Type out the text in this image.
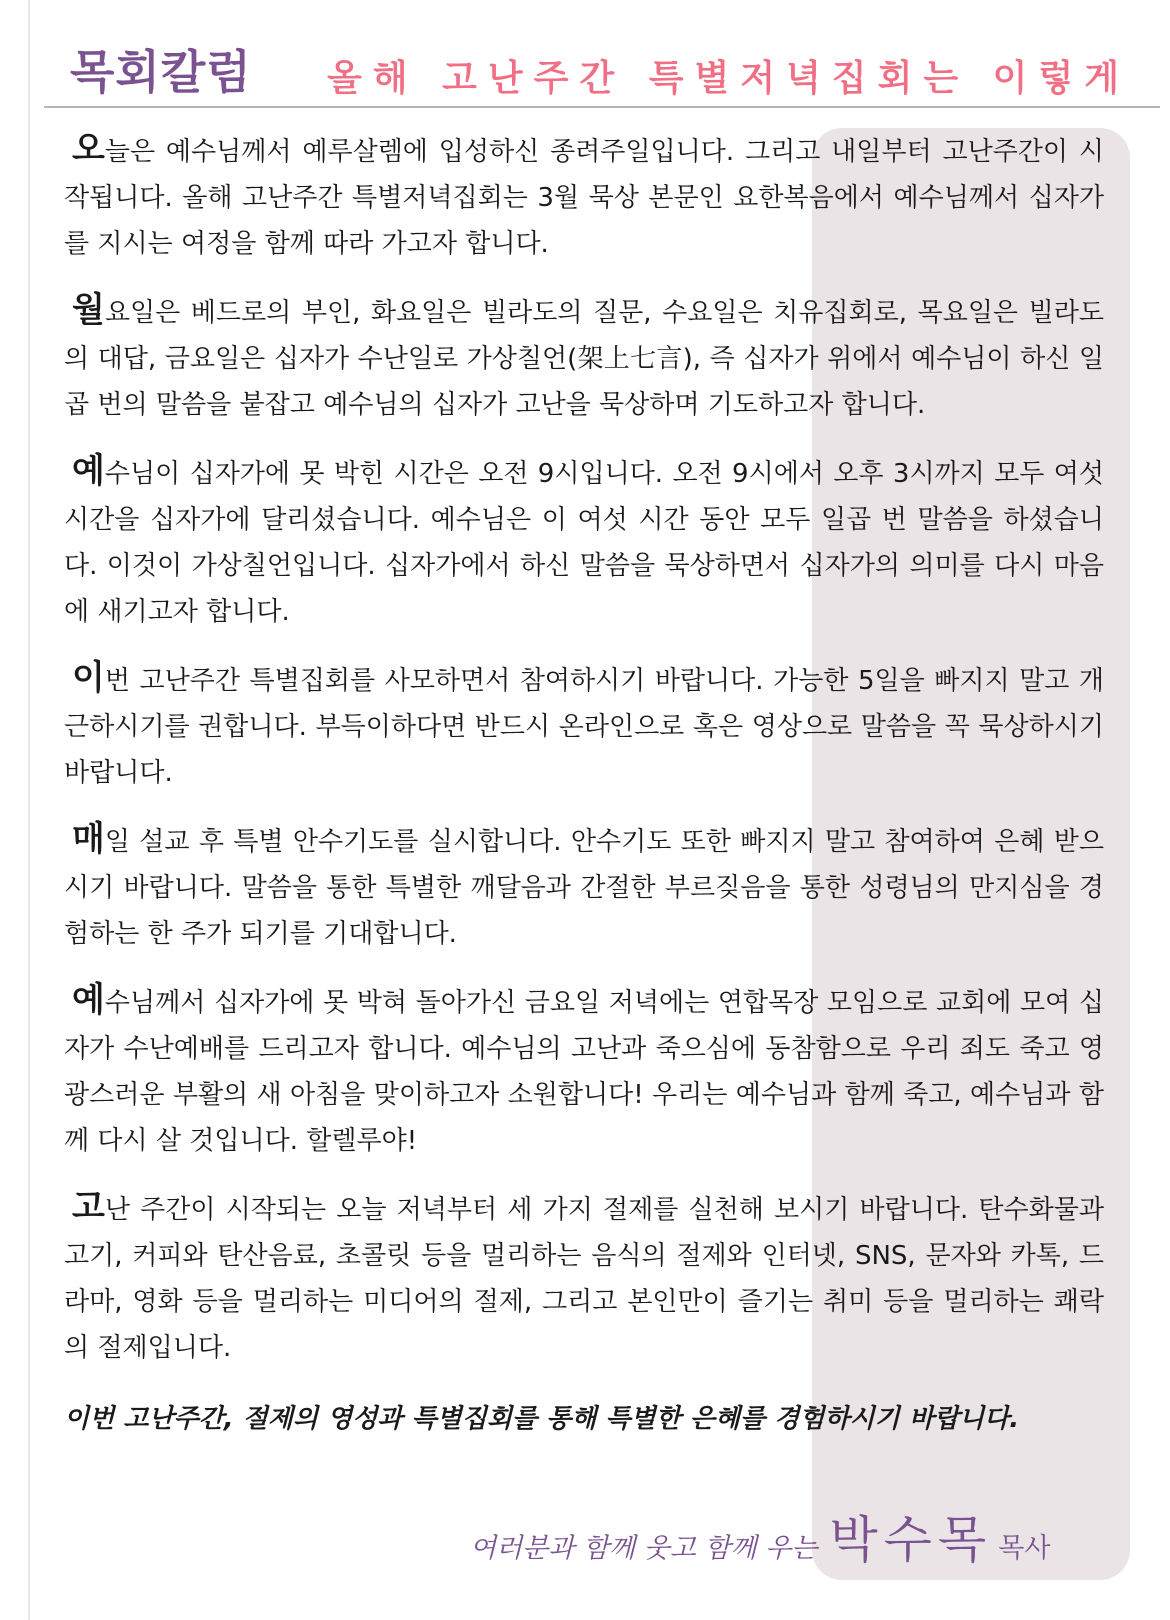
목회칼럼 올해 고난주간 특별저녁집회는 이렇게

오늘은 예수님께서 예루살렘에 입성하신 종려주일입니다. 그리고 내일부터 고난주간이 시작됩니다. 올해 고난주간 특별저녁집회는 3월 묵상 본문인 요한복음에서 예수님께서 십자가를 지시는 여정을 함께 따라 가고자 합니다.

월요일은 베드로의 부인, 화요일은 빌라도의 질문, 수요일은 치유집회로, 목요일은 빌라도의 대답, 금요일은 십자가 수난일로 가상칠언(架上七言), 즉 십자가 위에서 예수님이 하신 일곱 번의 말씀을 붙잡고 예수님의 십자가 고난을 묵상하며 기도하고자 합니다.

예수님이 십자가에 못 박힌 시간은 오전 9시입니다. 오전 9시에서 오후 3시까지 모두 여섯 시간을 십자가에 달리셨습니다. 예수님은 이 여섯 시간 동안 모두 일곱 번 말씀을 하셨습니다. 이것이 가상칠언입니다. 십자가에서 하신 말씀을 묵상하면서 십자가의 의미를 다시 마음에 새기고자 합니다.

이번 고난주간 특별집회를 사모하면서 참여하시기 바랍니다. 가능한 5일을 빠지지 말고 개근하시기를 권합니다. 부득이하다면 반드시 온라인으로 혹은 영상으로 말씀을 꼭 묵상하시기 바랍니다.

매일 설교 후 특별 안수기도를 실시합니다. 안수기도 또한 빠지지 말고 참여하여 은혜 받으시기 바랍니다. 말씀을 통한 특별한 깨달음과 간절한 부르짖음을 통한 성령님의 만지심을 경험하는 한 주가 되기를 기대합니다.

예수님께서 십자가에 못 박혀 돌아가신 금요일 저녁에는 연합목장 모임으로 교회에 모여 십자가 수난예배를 드리고자 합니다. 예수님의 고난과 죽으심에 동참함으로 우리 죄도 죽고 영광스러운 부활의 새 아침을 맞이하고자 소원합니다! 우리는 예수님과 함께 죽고, 예수님과 함께 다시 살 것입니다. 할렐루야!

고난 주간이 시작되는 오늘 저녁부터 세 가지 절제를 실천해 보시기 바랍니다. 탄수화물과 고기, 커피와 탄산음료, 초콜릿 등을 멀리하는 음식의 절제와 인터넷, SNS, 문자와 카톡, 드라마, 영화 등을 멀리하는 미디어의 절제, 그리고 본인만이 즐기는 취미 등을 멀리하는 쾌락의 절제입니다.

이번 고난주간, 절제의 영성과 특별집회를 통해 특별한 은혜를 경험하시기 바랍니다.

여러분과 함께 웃고 함께 우는 박수목 목사
